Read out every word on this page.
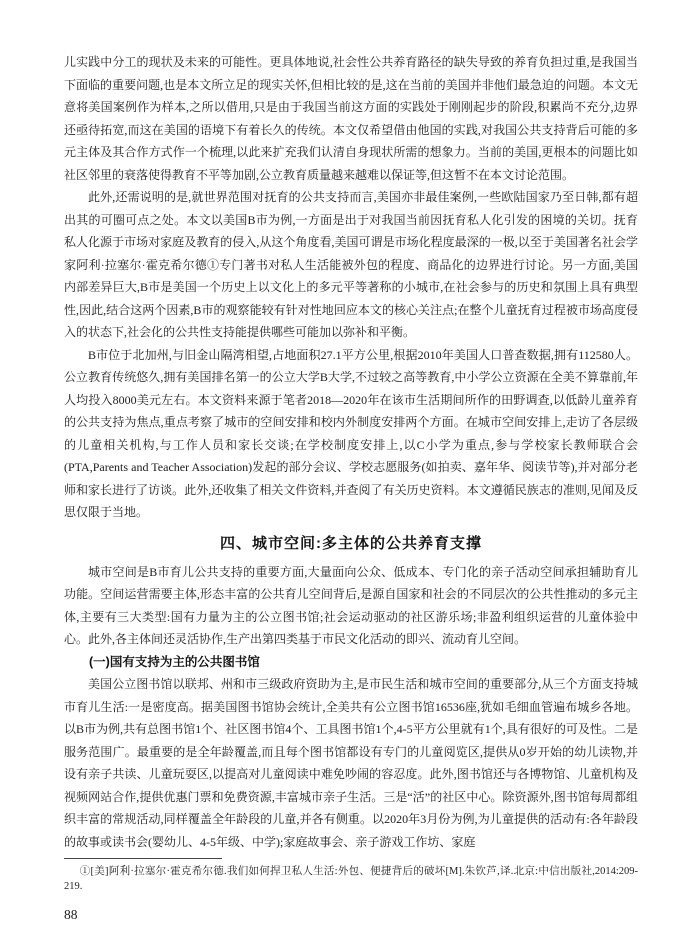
儿实践中分工的现状及未来的可能性。更具体地说,社会性公共养育路径的缺失导致的养育负担过重,是我国当下面临的重要问题,也是本文所立足的现实关怀,但相比较的是,这在当前的美国并非他们最急迫的问题。本文无意将美国案例作为样本,之所以借用,只是由于我国当前这方面的实践处于刚刚起步的阶段,积累尚不充分,边界还亟待拓宽,而这在美国的语境下有着长久的传统。本文仅希望借由他国的实践,对我国公共支持背后可能的多元主体及其合作方式作一个梳理,以此来扩充我们认清自身现状所需的想象力。当前的美国,更根本的问题比如社区邻里的衰落使得教育不平等加剧,公立教育质量越来越难以保证等,但这暂不在本文讨论范围。

此外,还需说明的是,就世界范围对抚育的公共支持而言,美国亦非最佳案例,一些欧陆国家乃至日韩,都有超出其的可圈可点之处。本文以美国B市为例,一方面是出于对我国当前因抚育私人化引发的困境的关切。抚育私人化源于市场对家庭及教育的侵入,从这个角度看,美国可谓是市场化程度最深的一极,以至于美国著名社会学家阿利·拉塞尔·霍克希尔德①专门著书对私人生活能被外包的程度、商品化的边界进行讨论。另一方面,美国内部差异巨大,B市是美国一个历史上以文化上的多元平等著称的小城市,在社会参与的历史和氛围上具有典型性,因此,结合这两个因素,B市的观察能较有针对性地回应本文的核心关注点;在整个儿童抚育过程被市场高度侵入的状态下,社会化的公共性支持能提供哪些可能加以弥补和平衡。

B市位于北加州,与旧金山隔湾相望,占地面积27.1平方公里,根据2010年美国人口普查数据,拥有112580人。公立教育传统悠久,拥有美国排名第一的公立大学B大学,不过较之高等教育,中小学公立资源在全美不算靠前,年人均投入8000美元左右。本文资料来源于笔者2018—2020年在该市生活期间所作的田野调查,以低龄儿童养育的公共支持为焦点,重点考察了城市的空间安排和校内外制度安排两个方面。在城市空间安排上,走访了各层级的儿童相关机构,与工作人员和家长交谈;在学校制度安排上,以C小学为重点,参与学校家长教师联合会(PTA,Parents and Teacher Association)发起的部分会议、学校志愿服务(如拍卖、嘉年华、阅读节等),并对部分老师和家长进行了访谈。此外,还收集了相关文件资料,并查阅了有关历史资料。本文遵循民族志的准则,见闻及反思仅限于当地。

四、城市空间:多主体的公共养育支撑

城市空间是B市育儿公共支持的重要方面,大量面向公众、低成本、专门化的亲子活动空间承担辅助育儿功能。空间运营需要主体,形态丰富的公共育儿空间背后,是源自国家和社会的不同层次的公共性推动的多元主体,主要有三大类型:国有力量为主的公立图书馆;社会运动驱动的社区游乐场;非盈利组织运营的儿童体验中心。此外,各主体间还灵活协作,生产出第四类基于市民文化活动的即兴、流动育儿空间。

(一)国有支持为主的公共图书馆

美国公立图书馆以联邦、州和市三级政府资助为主,是市民生活和城市空间的重要部分,从三个方面支持城市育儿生活:一是密度高。据美国图书馆协会统计,全美共有公立图书馆16536座,犹如毛细血管遍布城乡各地。以B市为例,共有总图书馆1个、社区图书馆4个、工具图书馆1个,4-5平方公里就有1个,具有很好的可及性。二是服务范围广。最重要的是全年龄覆盖,而且每个图书馆都设有专门的儿童阅览区,提供从0岁开始的幼儿读物,并设有亲子共读、儿童玩耍区,以提高对儿童阅读中难免吵闹的容忍度。此外,图书馆还与各博物馆、儿童机构及视频网站合作,提供优惠门票和免费资源,丰富城市亲子生活。三是“活”的社区中心。除资源外,图书馆每周都组织丰富的常规活动,同样覆盖全年龄段的儿童,并各有侧重。以2020年3月份为例,为儿童提供的活动有:各年龄段的故事或读书会(婴幼儿、4-5年级、中学);家庭故事会、亲子游戏工作坊、家庭

①[美]阿利·拉塞尔·霍克希尔德.我们如何捍卫私人生活:外包、便捷背后的破坏[M].朱钦芦,译.北京:中信出版社,2014:209-219.

88
